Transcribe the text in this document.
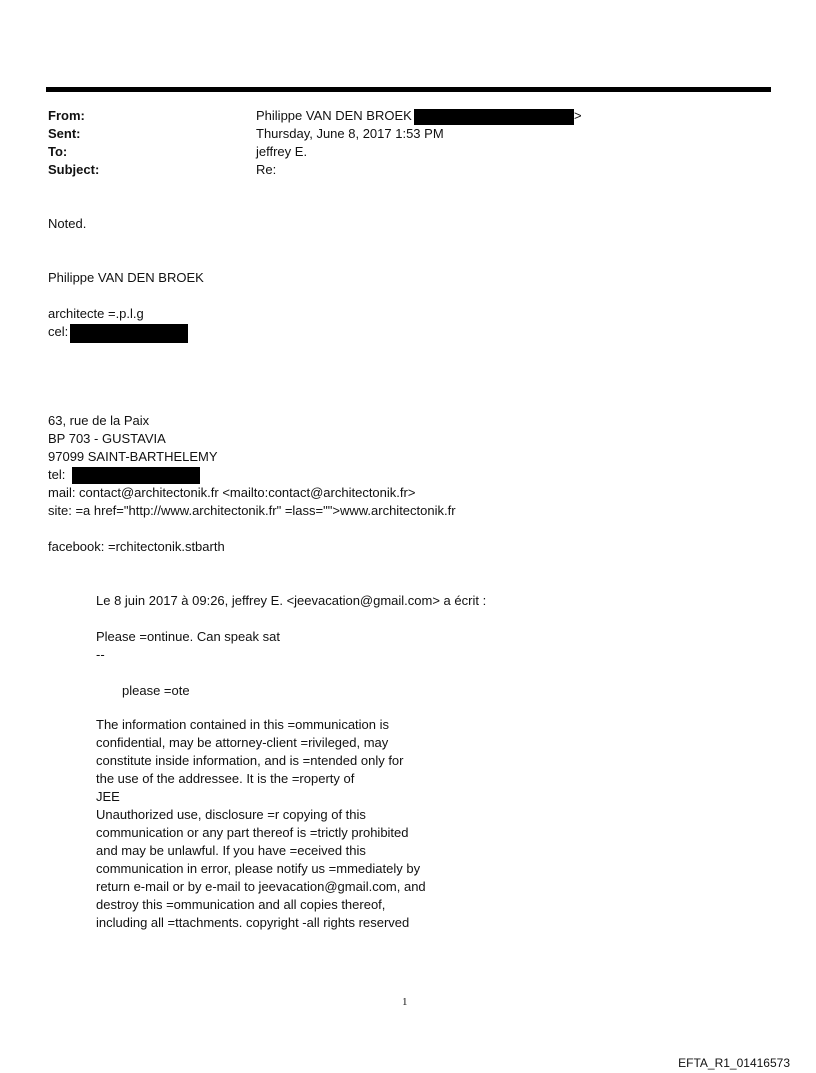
From:	Philippe VAN DEN BROEK	>
Sent:	Thursday, June 8, 2017 1:53 PM
To:	jeffrey E.
Subject:	Re:
Noted.
Philippe VAN DEN BROEK
architecte =.p.l.g
cel:
63, rue de la Paix
BP 703 - GUSTAVIA
97099 SAINT-BARTHELEMY
tel:
mail: contact@architectonik.fr <mailto:contact@architectonik.fr>
site: =a href="http://www.architectonik.fr" =lass="">www.architectonik.fr
facebook: =rchitectonik.stbarth
Le 8 juin 2017 à 09:26, jeffrey E. <jeevacation@gmail.com> a écrit :
Please =ontinue. Can speak sat
--
please =ote
The information contained in this =ommunication is
confidential, may be attorney-client =rivileged, may
constitute inside information, and is =ntended only for
the use of the addressee. It is the =roperty of
JEE
Unauthorized use, disclosure =r copying of this
communication or any part thereof is =trictly prohibited
and may be unlawful. If you have =eceived this
communication in error, please notify us =mmediately by
return e-mail or by e-mail to jeevacation@gmail.com, and
destroy this =ommunication and all copies thereof,
including all =ttachments. copyright -all rights reserved
1
EFTA_R1_01416573
